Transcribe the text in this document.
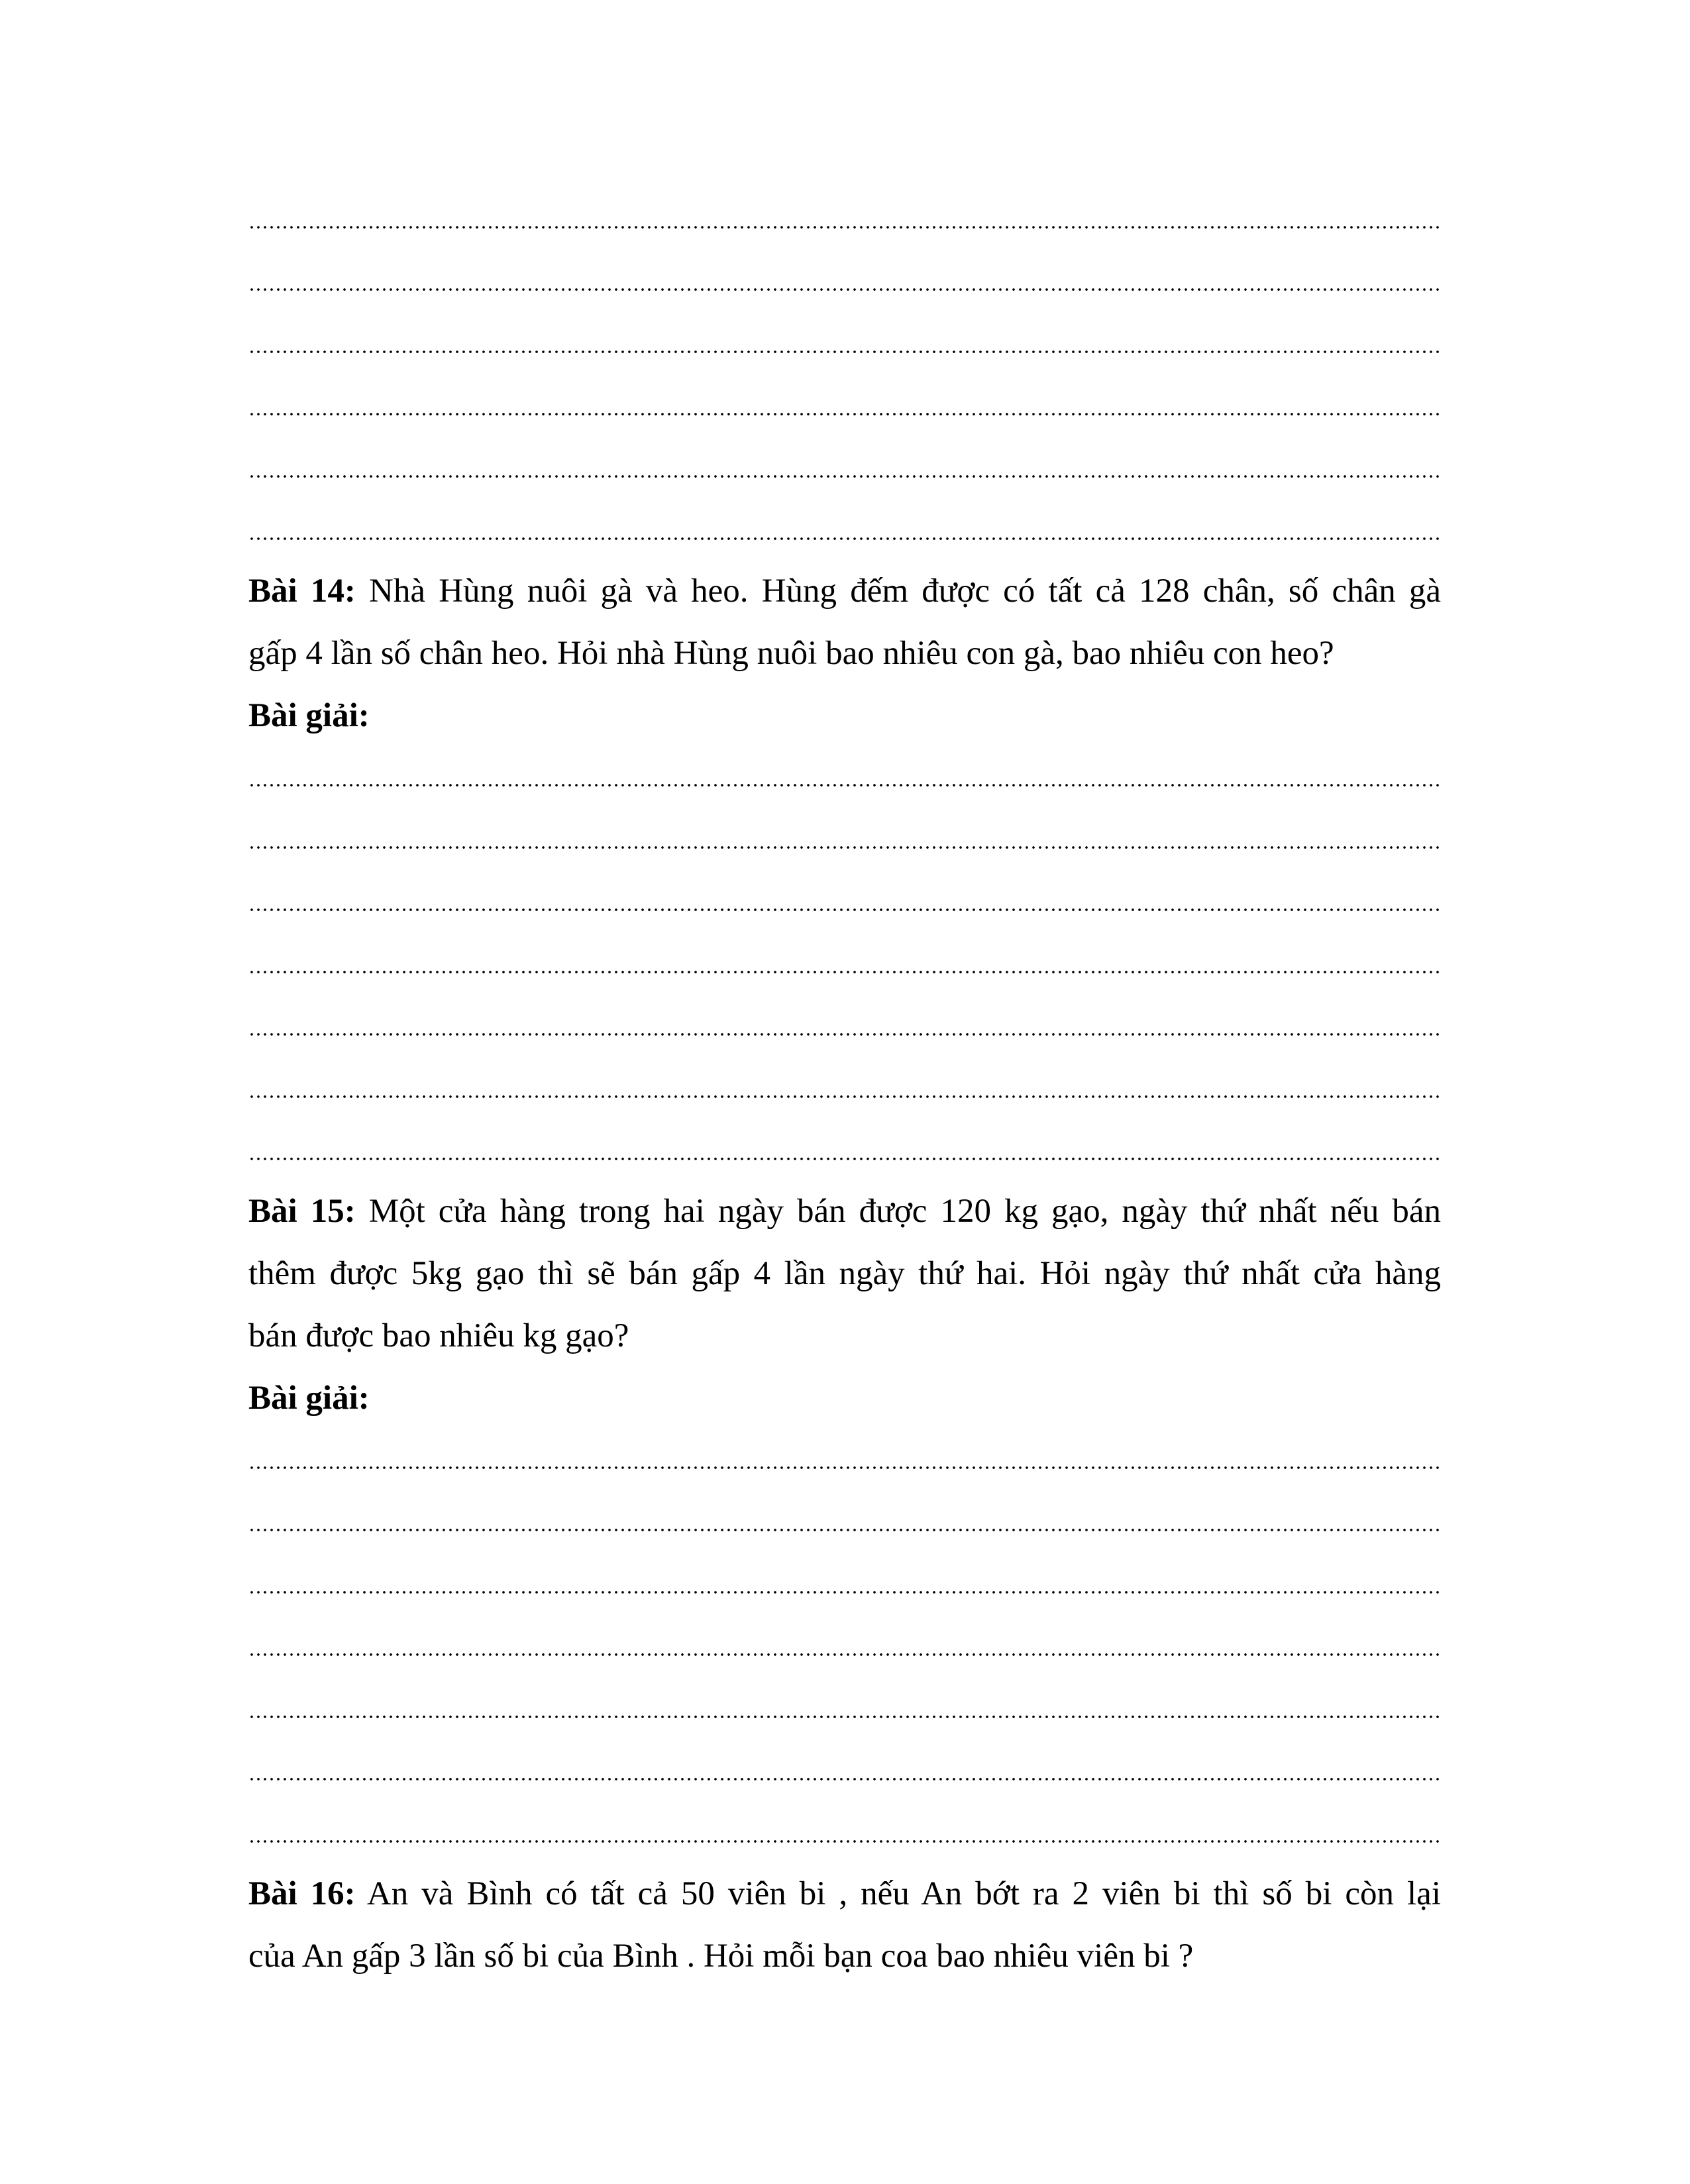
Bài 14: Nhà Hùng nuôi gà và heo. Hùng đếm được có tất cả 128 chân, số chân gà
gấp 4 lần số chân heo. Hỏi nhà Hùng nuôi bao nhiêu con gà, bao nhiêu con heo?
Bài giải:
Bài 15: Một cửa hàng trong hai ngày bán được 120 kg gạo, ngày thứ nhất nếu bán
thêm được 5kg gạo thì sẽ bán gấp 4 lần ngày thứ hai. Hỏi ngày thứ nhất cửa hàng
bán được bao nhiêu kg gạo?
Bài giải:
Bài 16: An và Bình có tất cả 50 viên bi , nếu An bớt ra 2 viên bi thì số bi còn lại
của An gấp 3 lần số bi của Bình . Hỏi mỗi bạn coa bao nhiêu viên bi ?
